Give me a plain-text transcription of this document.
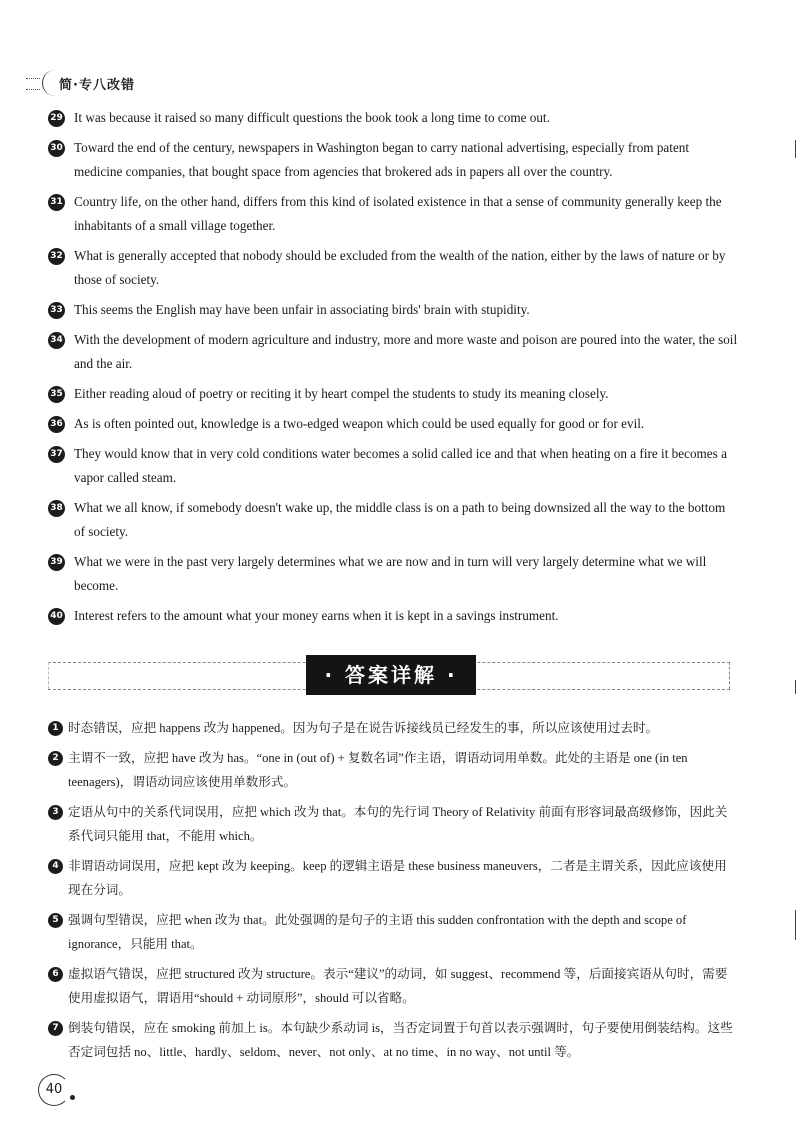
简·专八改错
29 It was because it raised so many difficult questions the book took a long time to come out.
30 Toward the end of the century, newspapers in Washington began to carry national advertising, especially from patent medicine companies, that bought space from agencies that brokered ads in papers all over the country.
31 Country life, on the other hand, differs from this kind of isolated existence in that a sense of community generally keep the inhabitants of a small village together.
32 What is generally accepted that nobody should be excluded from the wealth of the nation, either by the laws of nature or by those of society.
33 This seems the English may have been unfair in associating birds' brain with stupidity.
34 With the development of modern agriculture and industry, more and more waste and poison are poured into the water, the soil and the air.
35 Either reading aloud of poetry or reciting it by heart compel the students to study its meaning closely.
36 As is often pointed out, knowledge is a two-edged weapon which could be used equally for good or for evil.
37 They would know that in very cold conditions water becomes a solid called ice and that when heating on a fire it becomes a vapor called steam.
38 What we all know, if somebody doesn't wake up, the middle class is on a path to being downsized all the way to the bottom of society.
39 What we were in the past very largely determines what we are now and in turn will very largely determine what we will become.
40 Interest refers to the amount what your money earns when it is kept in a savings instrument.
· 答案详解 ·
1 时态错误，应把 happens 改为 happened。因为句子是在说告诉接线员已经发生的事，所以应该使用过去时。
2 主谓不一致，应把 have 改为 has。“one in (out of) + 复数名词”作主语，谓语动词用单数。此处的主语是 one (in ten teenagers)，谓语动词应该使用单数形式。
3 定语从句中的关系代词误用，应把 which 改为 that。本句的先行词 Theory of Relativity 前面有形容词最高级修饰，因此关系代词只能用 that，不能用 which。
4 非谓语动词误用，应把 kept 改为 keeping。keep 的逻辑主语是 these business maneuvers，二者是主谓关系，因此应该使用现在分词。
5 强调句型错误，应把 when 改为 that。此处强调的是句子的主语 this sudden confrontation with the depth and scope of ignorance，只能用 that。
6 虚拟语气错误，应把 structured 改为 structure。表示“建议”的动词，如 suggest、recommend 等，后面接宾语从句时，需要使用虚拟语气，谓语用“should + 动词原形”，should 可以省略。
7 倒装句错误，应在 smoking 前加上 is。本句缺少系动词 is，当否定词置于句首以表示强调时，句子要使用倒装结构。这些否定词包括 no、little、hardly、seldom、never、not only、at no time、in no way、not until 等。
40
